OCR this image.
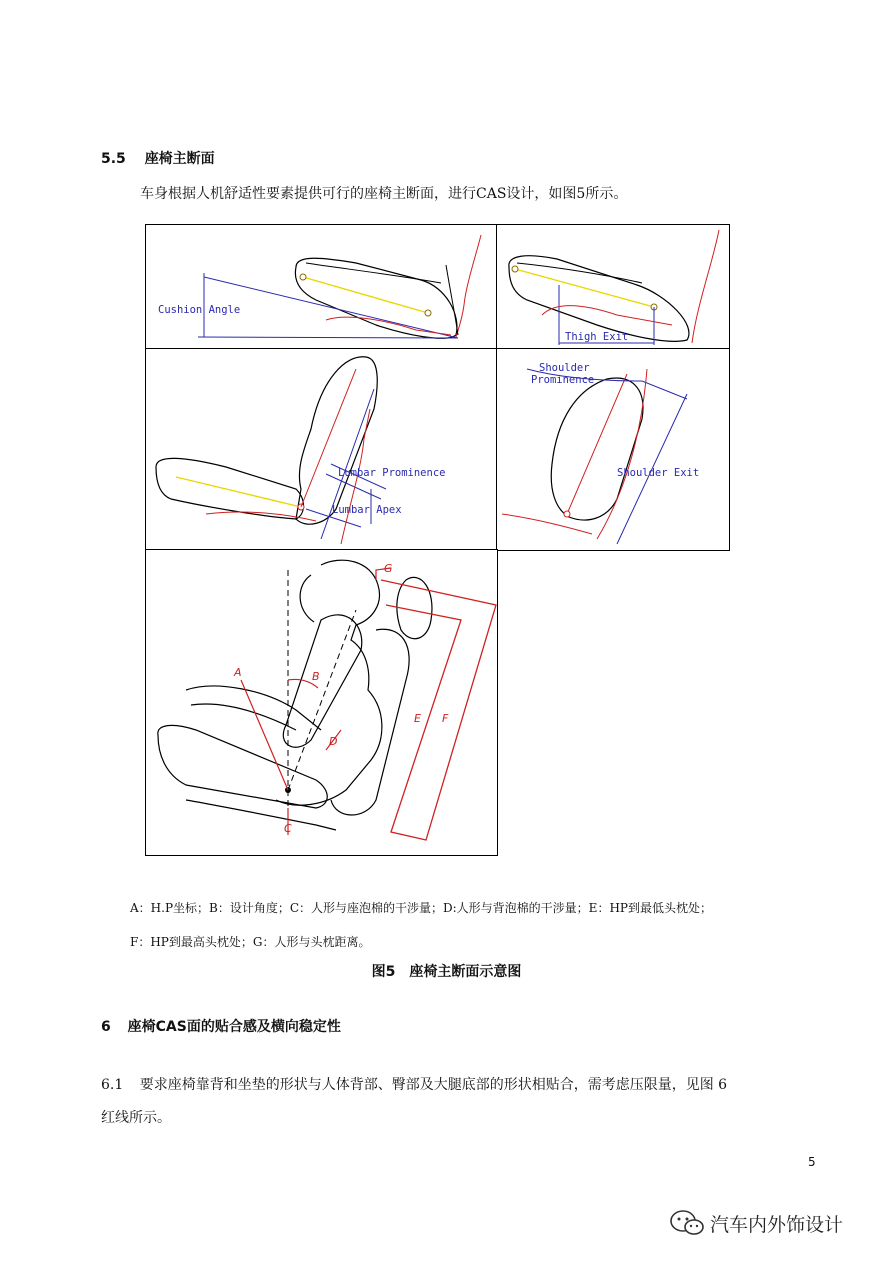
5.5 座椅主断面
车身根据人机舒适性要素提供可行的座椅主断面，进行CAS设计，如图5所示。
Cushion Angle
Thigh Exit
Lumbar Prominence
Lumbar Apex
Shoulder
Prominence
Shoulder Exit
A	B
C
D
E F
G
A：H.P坐标；B：设计角度；C：人形与座泡棉的干涉量；D:人形与背泡棉的干涉量；E：HP到最低头枕处；
F：HP到最高头枕处；G：人形与头枕距离。
图5　座椅主断面示意图
6 座椅CAS面的贴合感及横向稳定性
6.1 要求座椅靠背和坐垫的形状与人体背部、臀部及大腿底部的形状相贴合，需考虑压限量，见图 6
红线所示。
5
汽车内外饰设计
